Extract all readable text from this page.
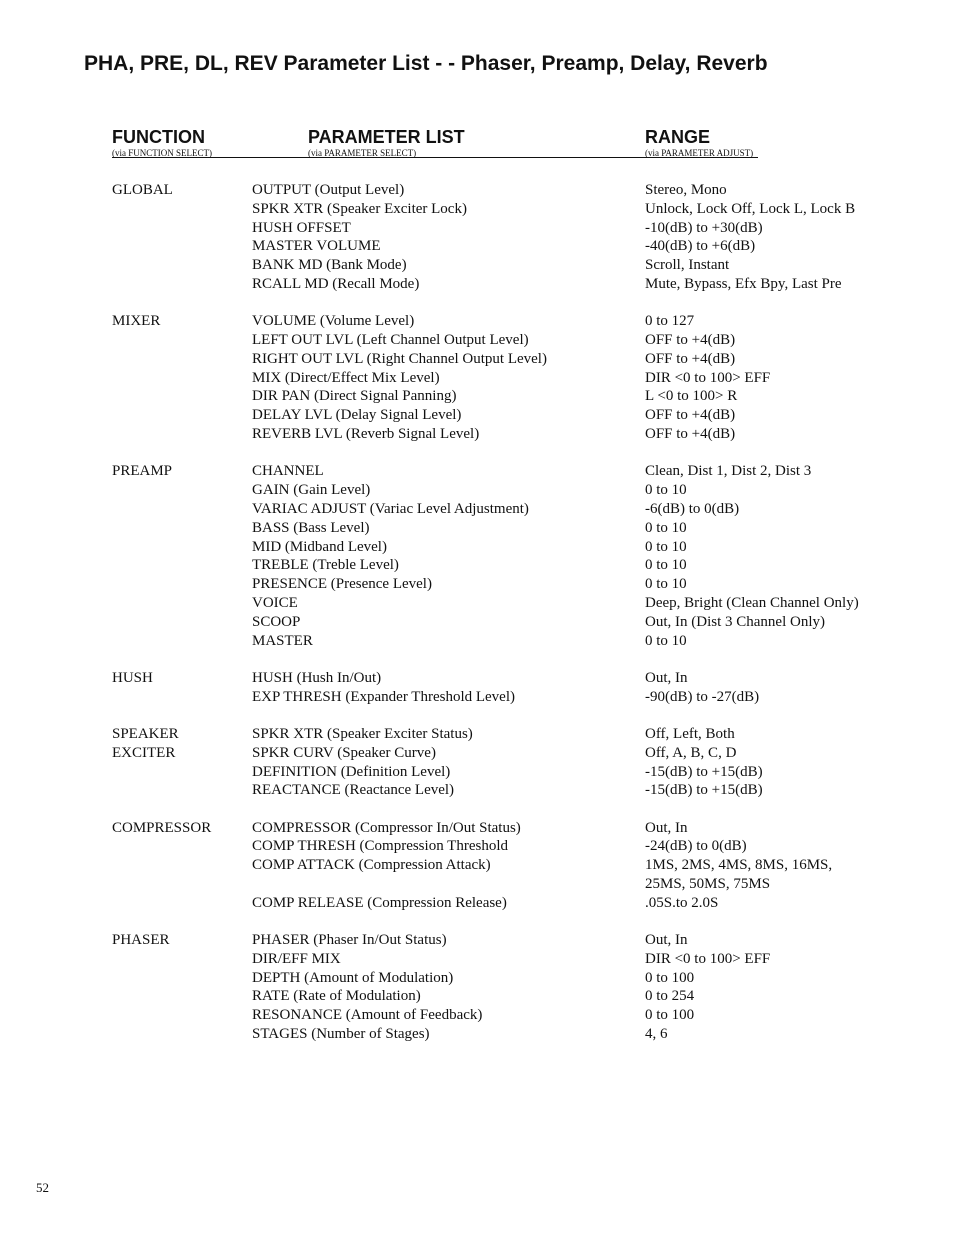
PHA, PRE, DL, REV Parameter List - - Phaser, Preamp, Delay, Reverb
FUNCTION
(via FUNCTION SELECT)
PARAMETER LIST
(via PARAMETER SELECT)
RANGE
(via PARAMETER ADJUST)
GLOBAL	OUTPUT (Output Level)	Stereo, Mono
SPKR XTR (Speaker Exciter Lock)	Unlock, Lock Off, Lock L, Lock B
HUSH OFFSET	-10(dB) to +30(dB)
MASTER VOLUME	-40(dB) to +6(dB)
BANK MD (Bank Mode)	Scroll, Instant
RCALL MD (Recall Mode)	Mute, Bypass, Efx Bpy, Last Pre
MIXER	VOLUME (Volume Level)	0 to 127
LEFT OUT LVL (Left Channel Output Level)	OFF to +4(dB)
RIGHT OUT LVL (Right Channel Output Level)	OFF to +4(dB)
MIX (Direct/Effect Mix Level)	DIR <0 to 100> EFF
DIR PAN (Direct Signal Panning)	L <0 to 100> R
DELAY LVL (Delay Signal Level)	OFF to +4(dB)
REVERB LVL (Reverb Signal Level)	OFF to +4(dB)
PREAMP	CHANNEL	Clean, Dist 1, Dist 2, Dist 3
GAIN (Gain Level)	0 to 10
VARIAC ADJUST (Variac Level Adjustment)	-6(dB) to 0(dB)
BASS (Bass Level)	0 to 10
MID (Midband Level)	0 to 10
TREBLE (Treble Level)	0 to 10
PRESENCE (Presence Level)	0 to 10
VOICE	Deep, Bright (Clean Channel Only)
SCOOP	Out, In (Dist 3 Channel Only)
MASTER	0 to 10
HUSH	HUSH (Hush In/Out)	Out, In
EXP THRESH (Expander Threshold Level)	-90(dB) to -27(dB)
SPEAKER	SPKR XTR (Speaker Exciter Status)	Off, Left, Both
EXCITER	SPKR CURV (Speaker Curve)	Off, A, B, C, D
DEFINITION (Definition Level)	-15(dB) to +15(dB)
REACTANCE (Reactance Level)	-15(dB) to +15(dB)
COMPRESSOR	COMPRESSOR (Compressor In/Out Status)	Out, In
COMP THRESH (Compression Threshold	-24(dB) to 0(dB)
COMP ATTACK (Compression Attack)	1MS, 2MS, 4MS, 8MS, 16MS,
25MS, 50MS, 75MS
COMP RELEASE (Compression Release)	.05S.to 2.0S
PHASER	PHASER (Phaser In/Out Status)	Out, In
DIR/EFF MIX	DIR <0 to 100> EFF
DEPTH (Amount of Modulation)	0 to 100
RATE (Rate of Modulation)	0 to 254
RESONANCE (Amount of Feedback)	0 to 100
STAGES (Number of Stages)	4, 6
52
